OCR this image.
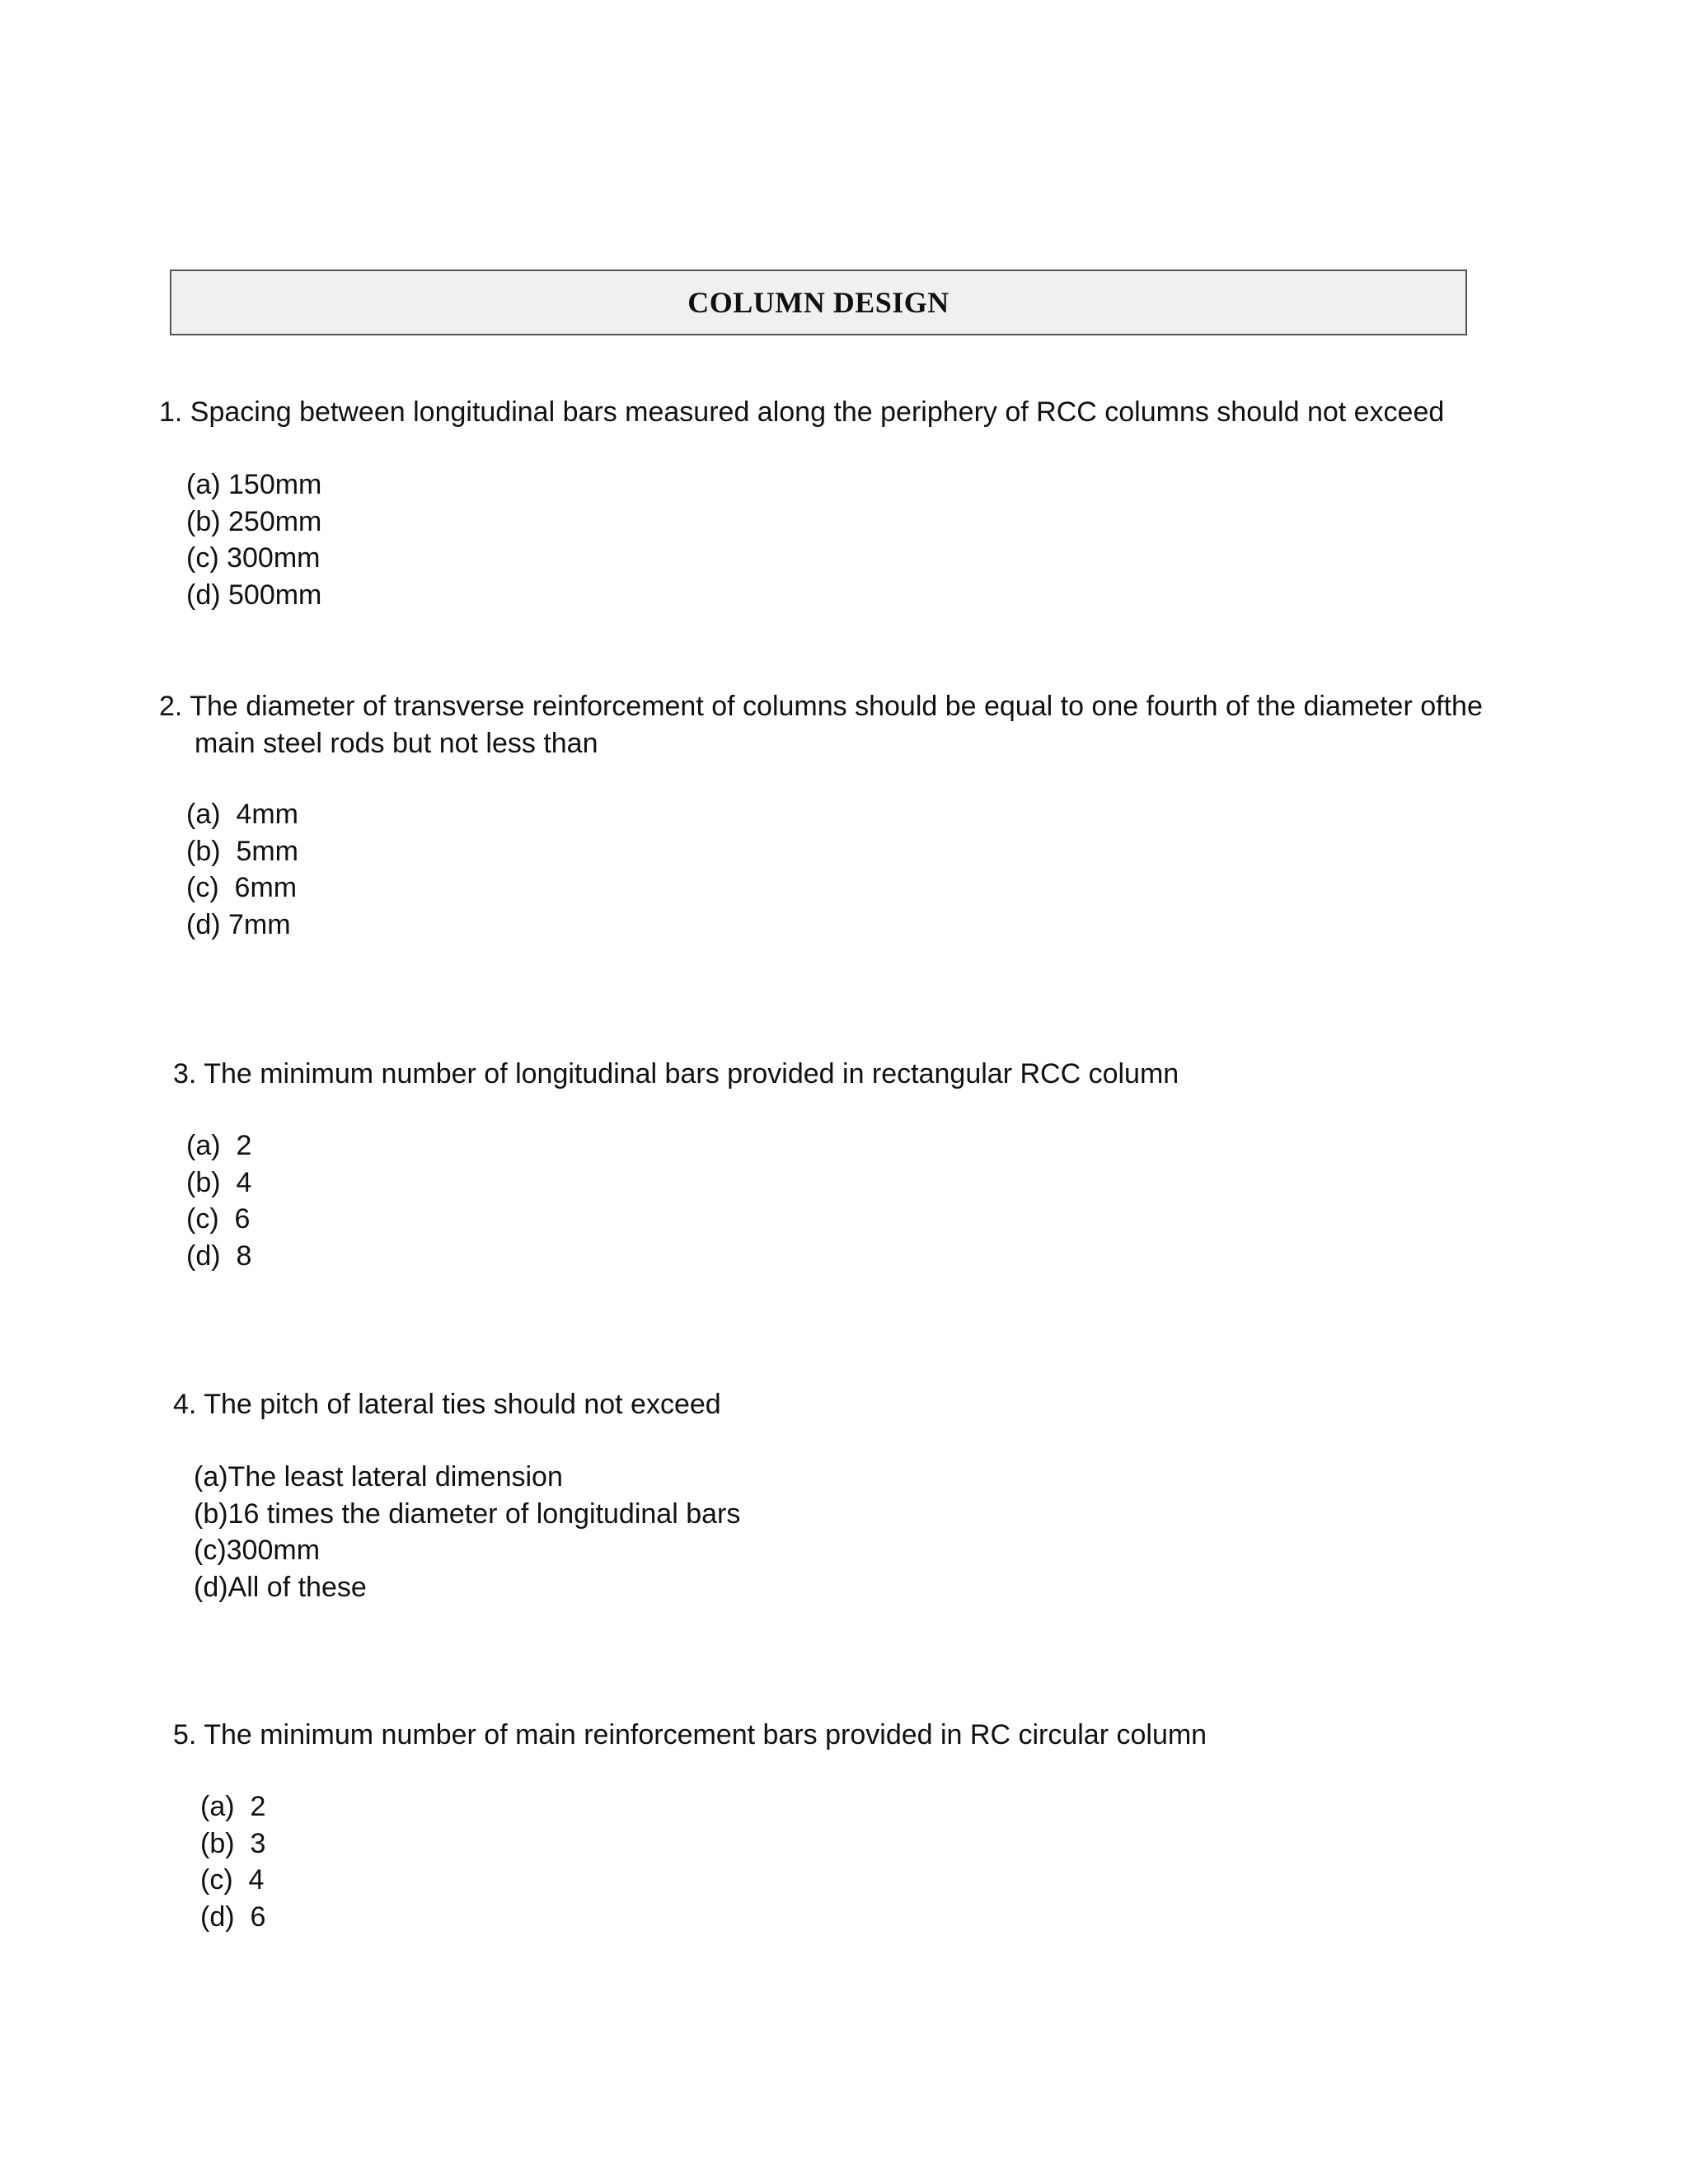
COLUMN DESIGN
1. Spacing between longitudinal bars measured along the periphery of RCC columns should not exceed
(a) 150mm
(b) 250mm
(c) 300mm
(d) 500mm
2. The diameter of transverse reinforcement of columns should be equal to one fourth of the diameter ofthe
main steel rods but not less than
(a)  4mm
(b)  5mm
(c)  6mm
(d) 7mm
3. The minimum number of longitudinal bars provided in rectangular RCC column
(a)  2
(b)  4
(c)  6
(d)  8
4. The pitch of lateral ties should not exceed
(a)The least lateral dimension
(b)16 times the diameter of longitudinal bars
(c)300mm
(d)All of these
5. The minimum number of main reinforcement bars provided in RC circular column
(a)  2
(b)  3
(c)  4
(d)  6
